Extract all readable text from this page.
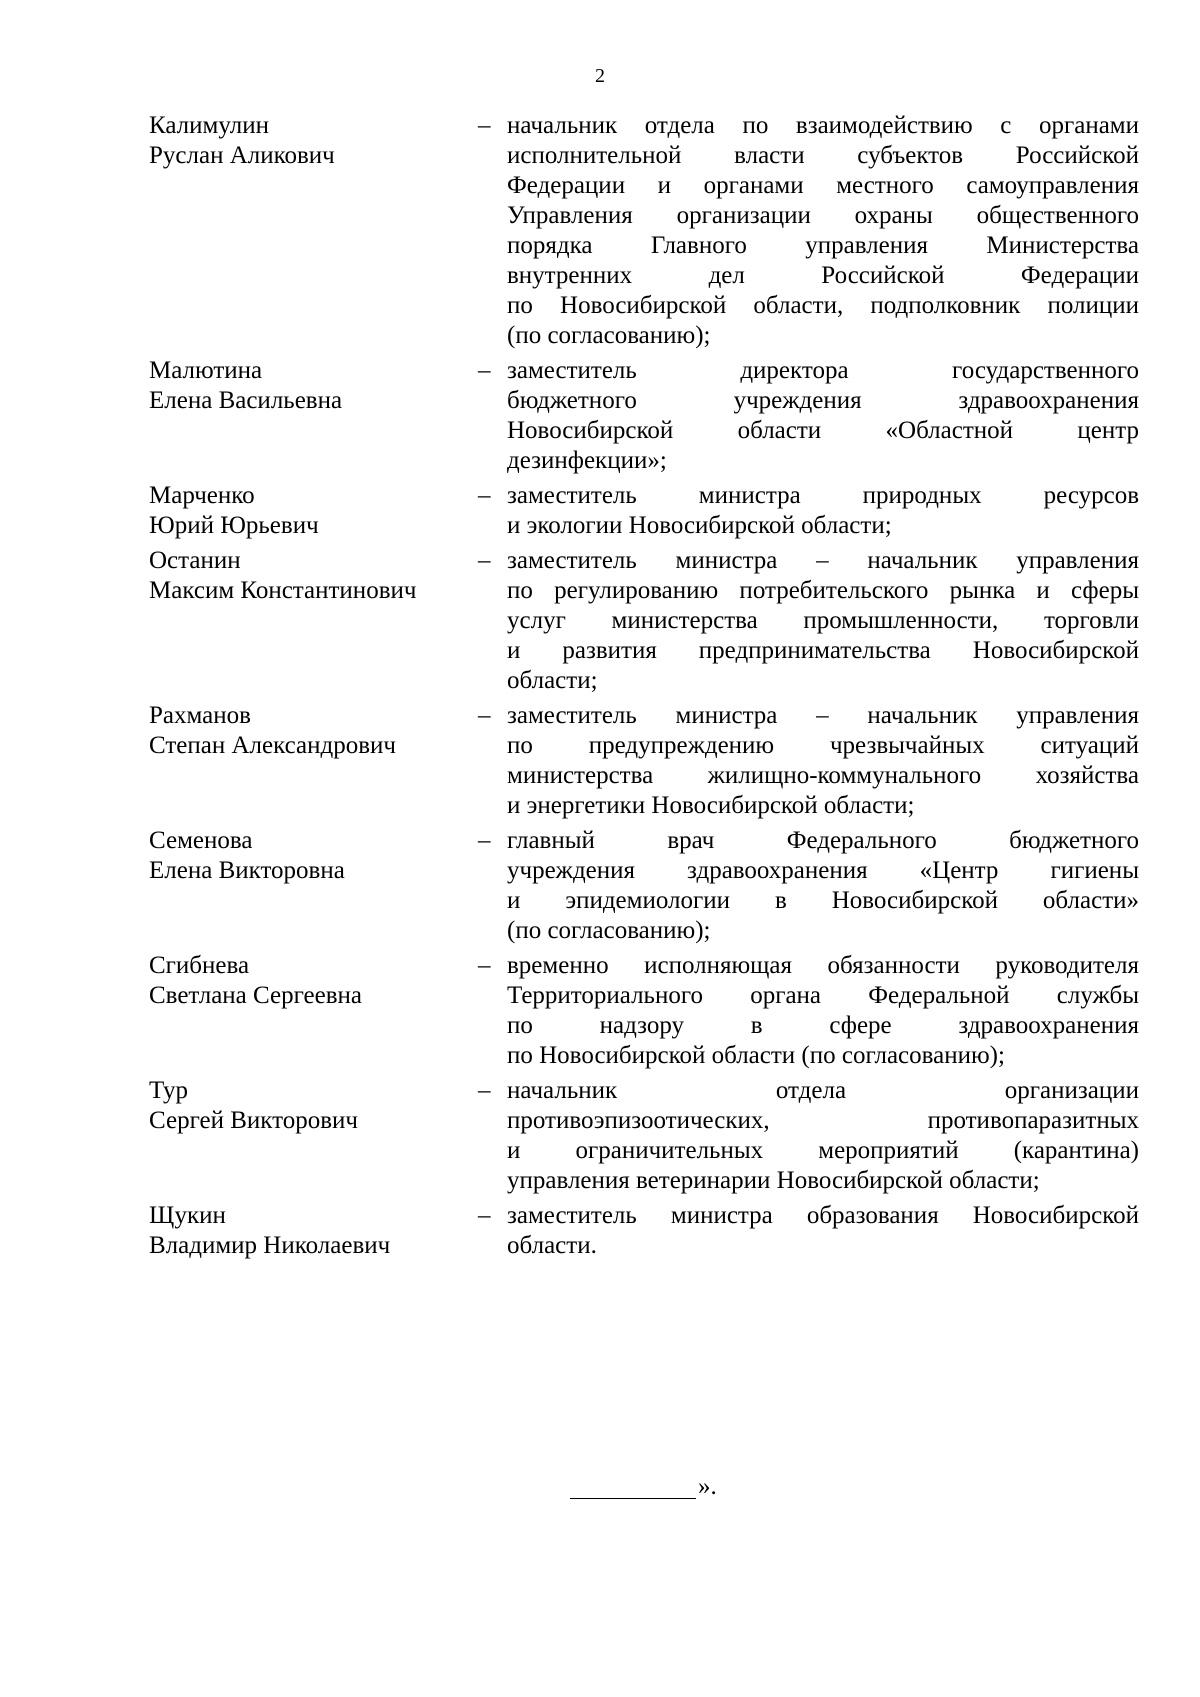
2
Калимулин
Руслан Аликович
– начальник отдела по взаимодействию с органами
исполнительной власти субъектов Российской
Федерации и органами местного самоуправления
Управления организации охраны общественного
порядка Главного управления Министерства
внутренних дел Российской Федерации
по Новосибирской области, подполковник полиции
(по согласованию);
Малютина
Елена Васильевна
– заместитель директора государственного
бюджетного учреждения здравоохранения
Новосибирской области «Областной центр
дезинфекции»;
Марченко
Юрий Юрьевич
– заместитель министра природных ресурсов
и экологии Новосибирской области;
Останин
Максим Константинович
– заместитель министра – начальник управления
по регулированию потребительского рынка и сферы
услуг министерства промышленности, торговли
и развития предпринимательства Новосибирской
области;
Рахманов
Степан Александрович
– заместитель министра – начальник управления
по предупреждению чрезвычайных ситуаций
министерства жилищно-коммунального хозяйства
и энергетики Новосибирской области;
Семенова
Елена Викторовна
– главный врач Федерального бюджетного
учреждения здравоохранения «Центр гигиены
и эпидемиологии в Новосибирской области»
(по согласованию);
Сгибнева
Светлана Сергеевна
– временно исполняющая обязанности руководителя
Территориального органа Федеральной службы
по надзору в сфере здравоохранения
по Новосибирской области (по согласованию);
Тур
Сергей Викторович
– начальник отдела организации
противоэпизоотических, противопаразитных
и ограничительных мероприятий (карантина)
управления ветеринарии Новосибирской области;
Щукин
Владимир Николаевич
– заместитель министра образования Новосибирской
области.
».
